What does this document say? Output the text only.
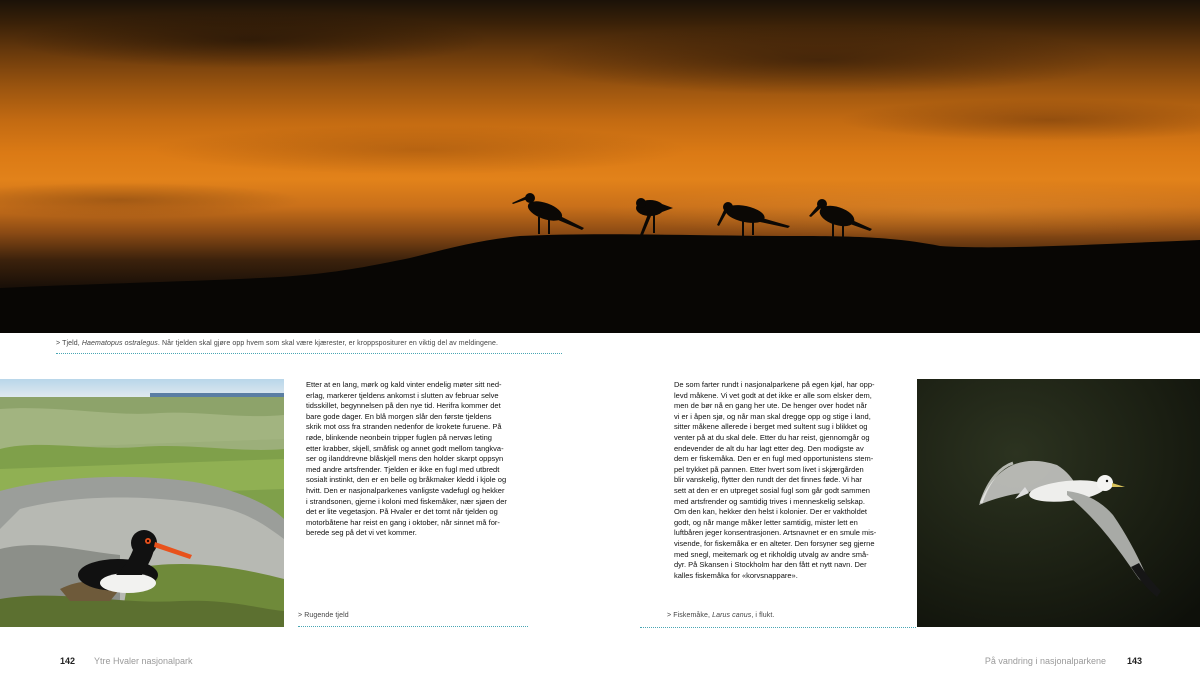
> Tjeld, Haematopus ostralegus. Når tjelden skal gjøre opp hvem som skal være kjærester, er kroppspositurer en viktig del av meldingene.
> Rugende tjeld
Etter at en lang, mørk og kald vinter endelig møter sitt ned-
erlag, markerer tjeldens ankomst i slutten av februar selve
tidsskillet, begynnelsen på den nye tid. Herifra kommer det
bare gode dager. En blå morgen slår den første tjeldens
skrik mot oss fra stranden nedenfor de krokete furuene. På
røde, blinkende neonbein tripper fuglen på nervøs leting
etter krabber, skjell, småfisk og annet godt mellom tangkva-
ser og ilanddrevne blåskjell mens den holder skarpt oppsyn
med andre artsfrender. Tjelden er ikke en fugl med utbredt
sosialt instinkt, den er en belle og bråkmaker kledd i kjole og
hvitt. Den er nasjonalparkenes vanligste vadefugl og hekker
i strandsonen, gjerne i koloni med fiskemåker, nær sjøen der
det er lite vegetasjon. På Hvaler er det tomt når tjelden og
motorbåtene har reist en gang i oktober, når sinnet må for-
berede seg på det vi vet kommer.
De som farter rundt i nasjonalparkene på egen kjøl, har opp-
levd måkene. Vi vet godt at det ikke er alle som elsker dem,
men de bør nå en gang her ute. De henger over hodet når
vi er i åpen sjø, og når man skal dregge opp og stige i land,
sitter måkene allerede i berget med sultent sug i blikket og
venter på at du skal dele. Etter du har reist, gjennomgår og
endevender de alt du har lagt etter deg. Den modigste av
dem er fiskemåka. Den er en fugl med opportunistens stem-
pel trykket på pannen. Etter hvert som livet i skjærgården
blir vanskelig, flytter den rundt der det finnes føde. Vi har
sett at den er en utpreget sosial fugl som går godt sammen
med artsfrender og samtidig trives i menneskelig selskap.
Om den kan, hekker den helst i kolonier. Der er vaktholdet
godt, og når mange måker letter samtidig, mister lett en
luftbåren jeger konsentrasjonen. Artsnavnet er en smule mis-
visende, for fiskemåka er en alteter. Den forsyner seg gjerne
med snegl, meitemark og et rikholdig utvalg av andre små-
dyr. På Skansen i Stockholm har den fått et nytt navn. Der
kalles fiskemåka for «korvsnappare».
> Fiskemåke, Larus canus, i flukt.
142 Ytre Hvaler nasjonalpark	På vandring i nasjonalparkene 143
